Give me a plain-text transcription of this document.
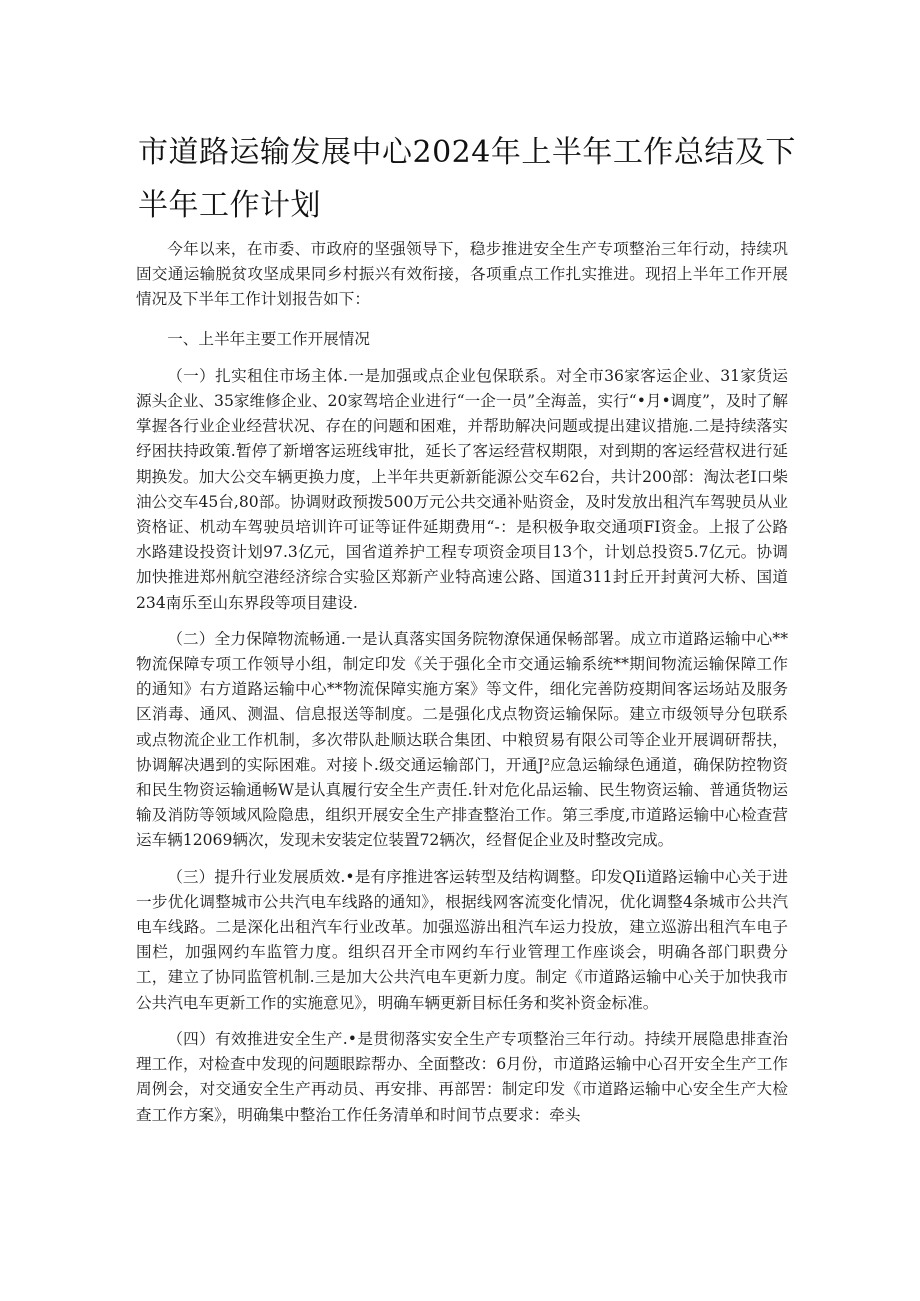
市道路运输发展中心2024年上半年工作总结及下半年工作计划

今年以来，在市委、市政府的坚强领导下，稳步推进安全生产专项整治三年行动，持续巩固交通运输脱贫攻坚成果同乡村振兴有效衔接，各项重点工作扎实推进。现招上半年工作开展情况及下半年工作计划报告如下：

一、上半年主要工作开展情况

（一）扎实租住市场主体.一是加强或点企业包保联系。对全市36家客运企业、31家货运源头企业、35家维修企业、20家驾培企业进行“一企一员”全海盖，实行“•月•调度”，及时了解掌握各行业企业经营状况、存在的问题和困难，并帮助解决问题或提出建议措施.二是持续落实纾困扶持政策.暂停了新增客运班线审批，延长了客运经营权期限，对到期的客运经营权进行延期换发。加大公交车辆更换力度，上半年共更新新能源公交车62台，共计200部：淘汰老I口柴油公交车45台,80部。协调财政预拨500万元公共交通补贴资金，及时发放出租汽车驾驶员从业资格证、机动车驾驶员培训许可证等证件延期费用“-：是积极争取交通项FI资金。上报了公路水路建设投资计划97.3亿元，国省道养护工程专项资金项目13个，计划总投资5.7亿元。协调加快推进郑州航空港经济综合实验区郑新产业特高速公路、国道311封丘开封黄河大桥、国道234南乐至山东界段等项目建设.

（二）全力保障物流畅通.一是认真落实国务院物潦保通保畅部署。成立市道路运输中心**物流保障专项工作领导小组，制定印发《关于强化全市交通运输系统**期间物流运输保障工作的通知》右方道路运输中心**物流保障实施方案》等文件，细化完善防疫期间客运场站及服务区消毒、通风、测温、信息报送等制度。二是强化戊点物资运输保际。建立市级领导分包联系或点物流企业工作机制，多次带队赴顺达联合集团、中粮贸易有限公司等企业开展调研帮扶，协调解决遇到的实际困难。对接卜.级交通运输部门，开通J²应急运输绿色通道，确保防控物资和民生物资运输通畅W是认真履行安全生产责任.针对危化品运输、民生物资运输、普通货物运输及消防等领域风险隐患，组织开展安全生产排查整治工作。第三季度,市道路运输中心检查营运车辆12069辆次，发现未安装定位装置72辆次，经督促企业及时整改完成。

（三）提升行业发展质效.•是有序推进客运转型及结构调整。印发QIi道路运输中心关于进一步优化调整城市公共汽电车线路的通知》，根据线网客流变化情况，优化调整4条城市公共汽电车线路。二是深化出租汽车行业改革。加强巡游出租汽车运力投放，建立巡游出租汽车电子围栏，加强网约车监管力度。组织召开全市网约车行业管理工作座谈会，明确各部门职费分工，建立了协同监管机制.三是加大公共汽电车更新力度。制定《市道路运输中心关于加快我市公共汽电车更新工作的实施意见》，明确车辆更新目标任务和奖补资金标准。

（四）有效推进安全生产.•是贯彻落实安全生产专项整治三年行动。持续开展隐患排查治理工作，对检查中发现的问题眼踪帮办、全面整改：6月份，市道路运输中心召开安全生产工作周例会，对交通安全生产再动员、再安排、再部罟：制定印发《市道路运输中心安全生产大检查工作方案》，明确集中整治工作任务清单和时间节点要求：牵头
